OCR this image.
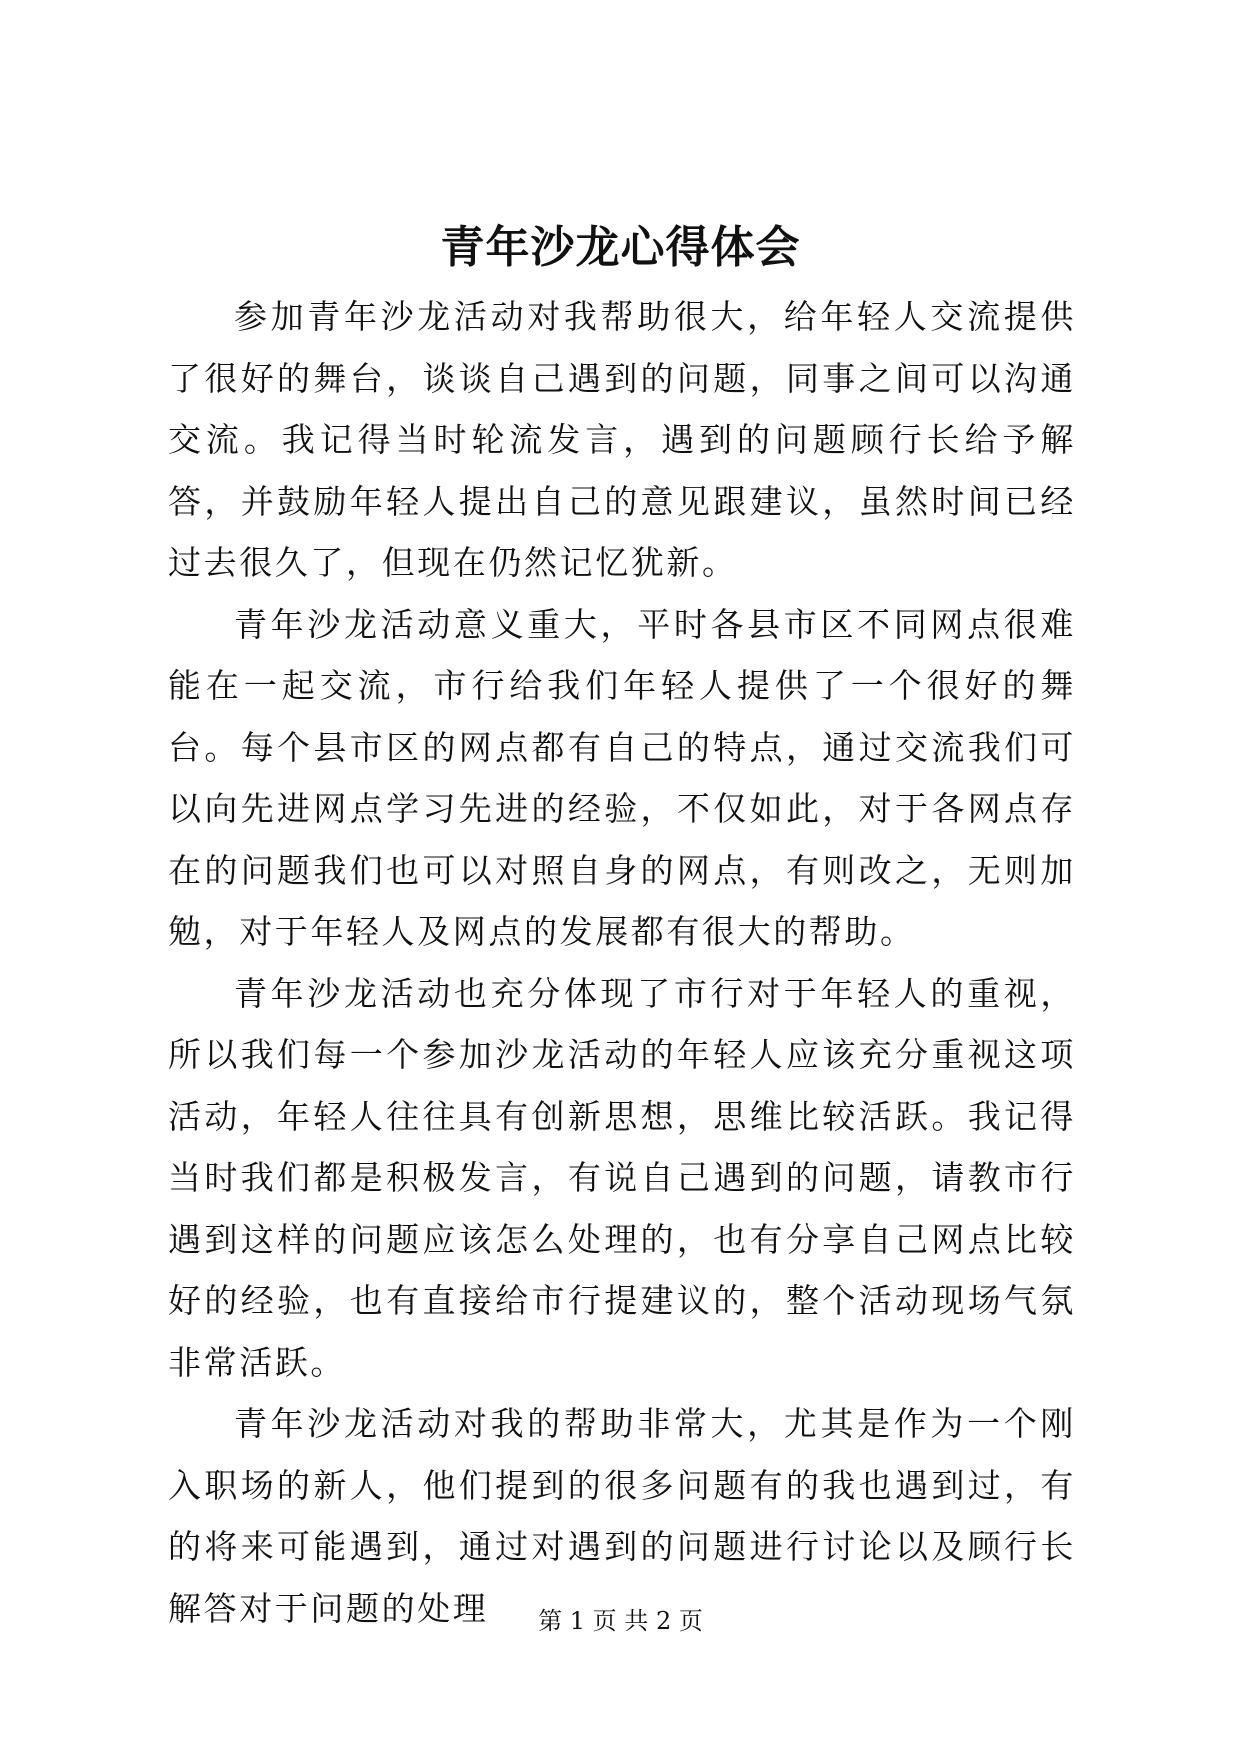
青年沙龙心得体会

参加青年沙龙活动对我帮助很大，给年轻人交流提供了很好的舞台，谈谈自己遇到的问题，同事之间可以沟通交流。我记得当时轮流发言，遇到的问题顾行长给予解答，并鼓励年轻人提出自己的意见跟建议，虽然时间已经过去很久了，但现在仍然记忆犹新。

青年沙龙活动意义重大，平时各县市区不同网点很难能在一起交流，市行给我们年轻人提供了一个很好的舞台。每个县市区的网点都有自己的特点，通过交流我们可以向先进网点学习先进的经验，不仅如此，对于各网点存在的问题我们也可以对照自身的网点，有则改之，无则加勉，对于年轻人及网点的发展都有很大的帮助。

青年沙龙活动也充分体现了市行对于年轻人的重视，所以我们每一个参加沙龙活动的年轻人应该充分重视这项活动，年轻人往往具有创新思想，思维比较活跃。我记得当时我们都是积极发言，有说自己遇到的问题，请教市行遇到这样的问题应该怎么处理的，也有分享自己网点比较好的经验，也有直接给市行提建议的，整个活动现场气氛非常活跃。

青年沙龙活动对我的帮助非常大，尤其是作为一个刚入职场的新人，他们提到的很多问题有的我也遇到过，有的将来可能遇到，通过对遇到的问题进行讨论以及顾行长解答对于问题的处理	第 1 页 共 2 页
